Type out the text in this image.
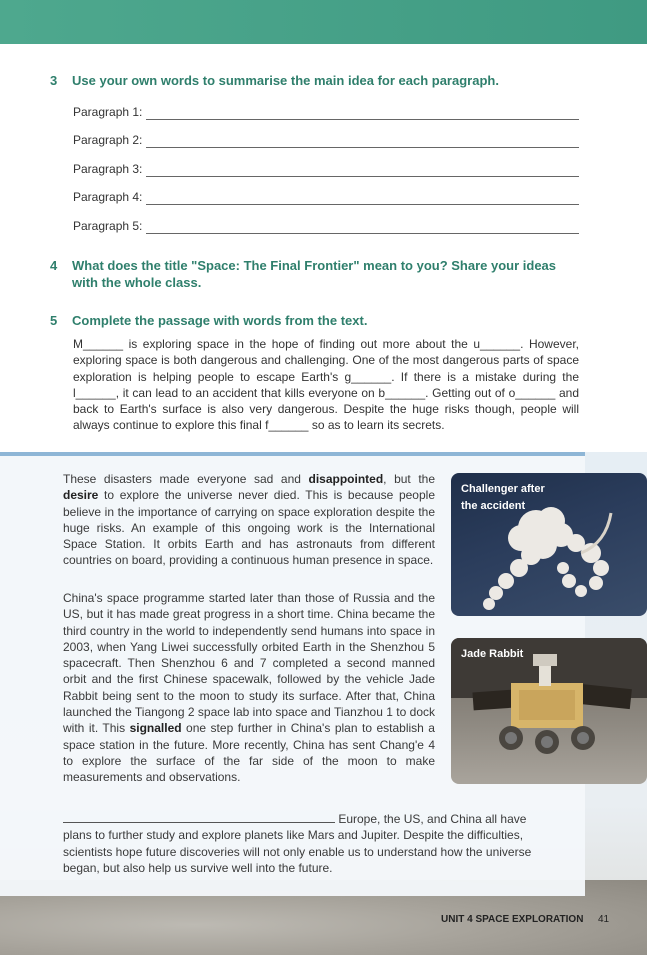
3 Use your own words to summarise the main idea for each paragraph.
Paragraph 1:
Paragraph 2:
Paragraph 3:
Paragraph 4:
Paragraph 5:
4 What does the title "Space: The Final Frontier" mean to you? Share your ideas
with the whole class.
5 Complete the passage with words from the text.
M______ is exploring space in the hope of finding out more about the u______. However, exploring space is both dangerous and challenging. One of the most dangerous parts of space exploration is helping people to escape Earth's g______. If there is a mistake during the l______, it can lead to an accident that kills everyone on b______. Getting out of o______ and back to Earth's surface is also very dangerous. Despite the huge risks though, people will always continue to explore this final f______ so as to learn its secrets.
These disasters made everyone sad and disappointed, but the desire to explore the universe never died. This is because people believe in the importance of carrying on space exploration despite the huge risks. An example of this ongoing work is the International Space Station. It orbits Earth and has astronauts from different countries on board, providing a continuous human presence in space.
China's space programme started later than those of Russia and the US, but it has made great progress in a short time. China became the third country in the world to independently send humans into space in 2003, when Yang Liwei successfully orbited Earth in the Shenzhou 5 spacecraft. Then Shenzhou 6 and 7 completed a second manned orbit and the first Chinese spacewalk, followed by the vehicle Jade Rabbit being sent to the moon to study its surface. After that, China launched the Tiangong 2 space lab into space and Tianzhou 1 to dock with it. This signalled one step further in China's plan to establish a space station in the future. More recently, China has sent Chang'e 4 to explore the surface of the far side of the moon to make measurements and observations.
Europe, the US, and China all have plans to further study and explore planets like Mars and Jupiter. Despite the difficulties, scientists hope future discoveries will not only enable us to understand how the universe began, but also help us survive well into the future.
Challenger after the accident
Jade Rabbit
UNIT 4 SPACE EXPLORATION 41
